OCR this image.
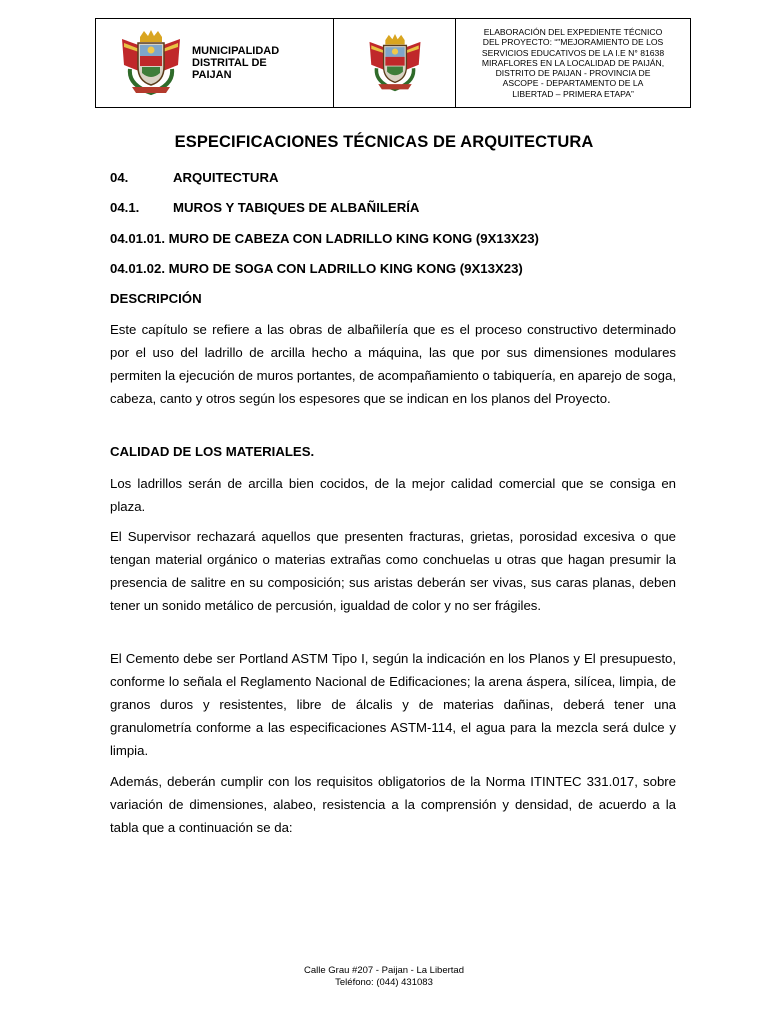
MUNICIPALIDAD
DISTRITAL DE
PAIJAN
ELABORACIÓN DEL EXPEDIENTE TÉCNICO
DEL PROYECTO: “"MEJORAMIENTO DE LOS
SERVICIOS EDUCATIVOS DE LA I.E N° 81638
MIRAFLORES EN LA LOCALIDAD DE PAIJÁN,
DISTRITO DE PAIJAN - PROVINCIA DE
ASCOPE - DEPARTAMENTO DE LA
LIBERTAD – PRIMERA ETAPA”
ESPECIFICACIONES TÉCNICAS DE ARQUITECTURA
04.	ARQUITECTURA
04.1.	MUROS Y TABIQUES DE ALBAÑILERÍA
04.01.01. MURO DE CABEZA CON LADRILLO KING KONG (9X13X23)
04.01.02. MURO DE SOGA CON LADRILLO KING KONG (9X13X23)
DESCRIPCIÓN
Este capítulo se refiere a las obras de albañilería que es el proceso constructivo determinado por el uso del ladrillo de arcilla hecho a máquina, las que por sus dimensiones modulares permiten la ejecución de muros portantes, de acompañamiento o tabiquería, en aparejo de soga, cabeza, canto y otros según los espesores que se indican en los planos del Proyecto.
CALIDAD DE LOS MATERIALES.
Los ladrillos serán de arcilla bien cocidos, de la mejor calidad comercial que se consiga en plaza.
El Supervisor rechazará aquellos que presenten fracturas, grietas, porosidad excesiva o que tengan material orgánico o materias extrañas como conchuelas u otras que hagan presumir la presencia de salitre en su composición; sus aristas deberán ser vivas, sus caras planas, deben tener un sonido metálico de percusión, igualdad de color y no ser frágiles.
El Cemento debe ser Portland ASTM Tipo I, según la indicación en los Planos y El presupuesto, conforme lo señala el Reglamento Nacional de Edificaciones; la arena áspera, silícea, limpia, de granos duros y resistentes, libre de álcalis y de materias dañinas, deberá tener una granulometría conforme a las especificaciones ASTM-114, el agua para la mezcla será dulce y limpia.
Además, deberán cumplir con los requisitos obligatorios de la Norma ITINTEC 331.017, sobre variación de dimensiones, alabeo, resistencia a la comprensión y densidad, de acuerdo a la tabla que a continuación se da:
Calle Grau #207 - Paijan - La Libertad
Teléfono: (044) 431083
